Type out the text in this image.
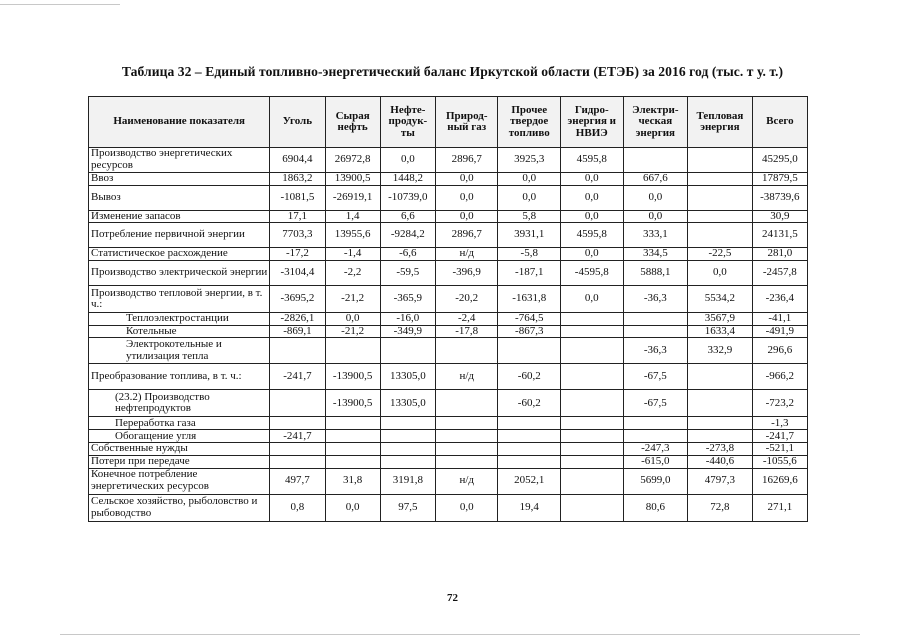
Таблица 32 – Единый топливно-энергетический баланс Иркутской области (ЕТЭБ) за 2016 год (тыс. т у. т.)
Наименование показателя	Уголь	Сырая нефть	Нефте-продук-ты	Природ-ный газ	Прочее твердое топливо	Гидро-энергия и НВИЭ	Электри-ческая энергия	Тепловая энергия	Всего
Производство энергетических ресурсов	6904,4	26972,8	0,0	2896,7	3925,3	4595,8			45295,0
Ввоз	1863,2	13900,5	1448,2	0,0	0,0	0,0	667,6		17879,5
Вывоз	-1081,5	-26919,1	-10739,0	0,0	0,0	0,0	0,0		-38739,6
Изменение запасов	17,1	1,4	6,6	0,0	5,8	0,0	0,0		30,9
Потребление первичной энергии	7703,3	13955,6	-9284,2	2896,7	3931,1	4595,8	333,1		24131,5
Статистическое расхождение	-17,2	-1,4	-6,6	н/д	-5,8	0,0	334,5	-22,5	281,0
Производство электрической энергии	-3104,4	-2,2	-59,5	-396,9	-187,1	-4595,8	5888,1	0,0	-2457,8
Производство тепловой энергии, в т. ч.:	-3695,2	-21,2	-365,9	-20,2	-1631,8	0,0	-36,3	5534,2	-236,4
Теплоэлектростанции	-2826,1	0,0	-16,0	-2,4	-764,5			3567,9	-41,1
Котельные	-869,1	-21,2	-349,9	-17,8	-867,3			1633,4	-491,9
Электрокотельные и утилизация тепла							-36,3	332,9	296,6
Преобразование топлива, в т. ч.:	-241,7	-13900,5	13305,0	н/д	-60,2		-67,5		-966,2
(23.2) Производство нефтепродуктов		-13900,5	13305,0		-60,2		-67,5		-723,2
Переработка газа									-1,3
Обогащение угля	-241,7								-241,7
Собственные нужды							-247,3	-273,8	-521,1
Потери при передаче							-615,0	-440,6	-1055,6
Конечное потребление энергетических ресурсов	497,7	31,8	3191,8	н/д	2052,1		5699,0	4797,3	16269,6
Сельское хозяйство, рыболовство и рыбоводство	0,8	0,0	97,5	0,0	19,4		80,6	72,8	271,1
72
